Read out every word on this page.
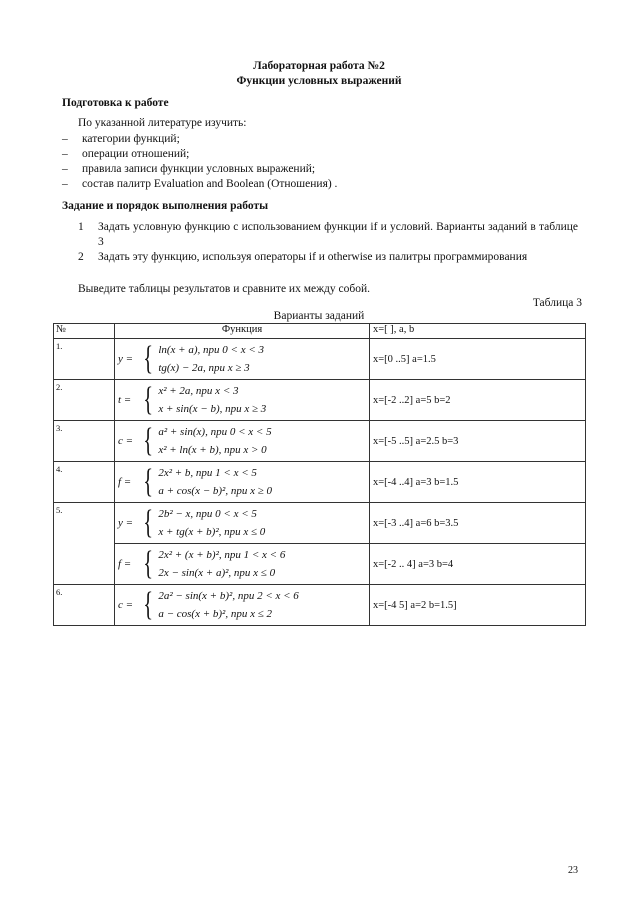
Лабораторная работа №2
Функции условных выражений
Подготовка к работе
По указанной литературе изучить:
– категории функций;
– операции отношений;
– правила записи функции условных выражений;
– состав палитр Evaluation and Boolean (Отношения) .
Задание и порядок выполнения работы
1	Задать условную функцию с использованием функции if и условий. Варианты заданий в таблице 3
2	Задать эту функцию, используя операторы if и otherwise из палитры программирования
Выведите таблицы результатов и сравните их между собой.
Таблица 3
Варианты заданий
№	Функция	x=[ ], a, b
1.	y = { ln(x + a), при 0 < x < 3
tg(x) − 2a, при x ≥ 3	x=[0 ..5] a=1.5
2.	t = { x² + 2a, при x < 3
x + sin(x − b), при x ≥ 3	x=[-2 ..2] a=5 b=2
3.	c = { a² + sin(x), при 0 < x < 5
x² + ln(x + b), при x > 0	x=[-5 ..5] a=2.5 b=3
4.	f = { 2x² + b, при 1 < x < 5
a + cos(x − b)², при x ≥ 0	x=[-4 ..4] a=3 b=1.5
5.	y = { 2b² − x, при 0 < x < 5
x + tg(x + b)², при x ≤ 0	x=[-3 ..4] a=6 b=3.5

	f = { 2x² + (x + b)², при 1 < x < 6
2x − sin(x + a)², при x ≤ 0	x=[-2 .. 4] a=3 b=4
6.	c = { 2a² − sin(x + b)², при 2 < x < 6
a − cos(x + b)², при x ≤ 2	x=[-4 5] a=2 b=1.5]
23
